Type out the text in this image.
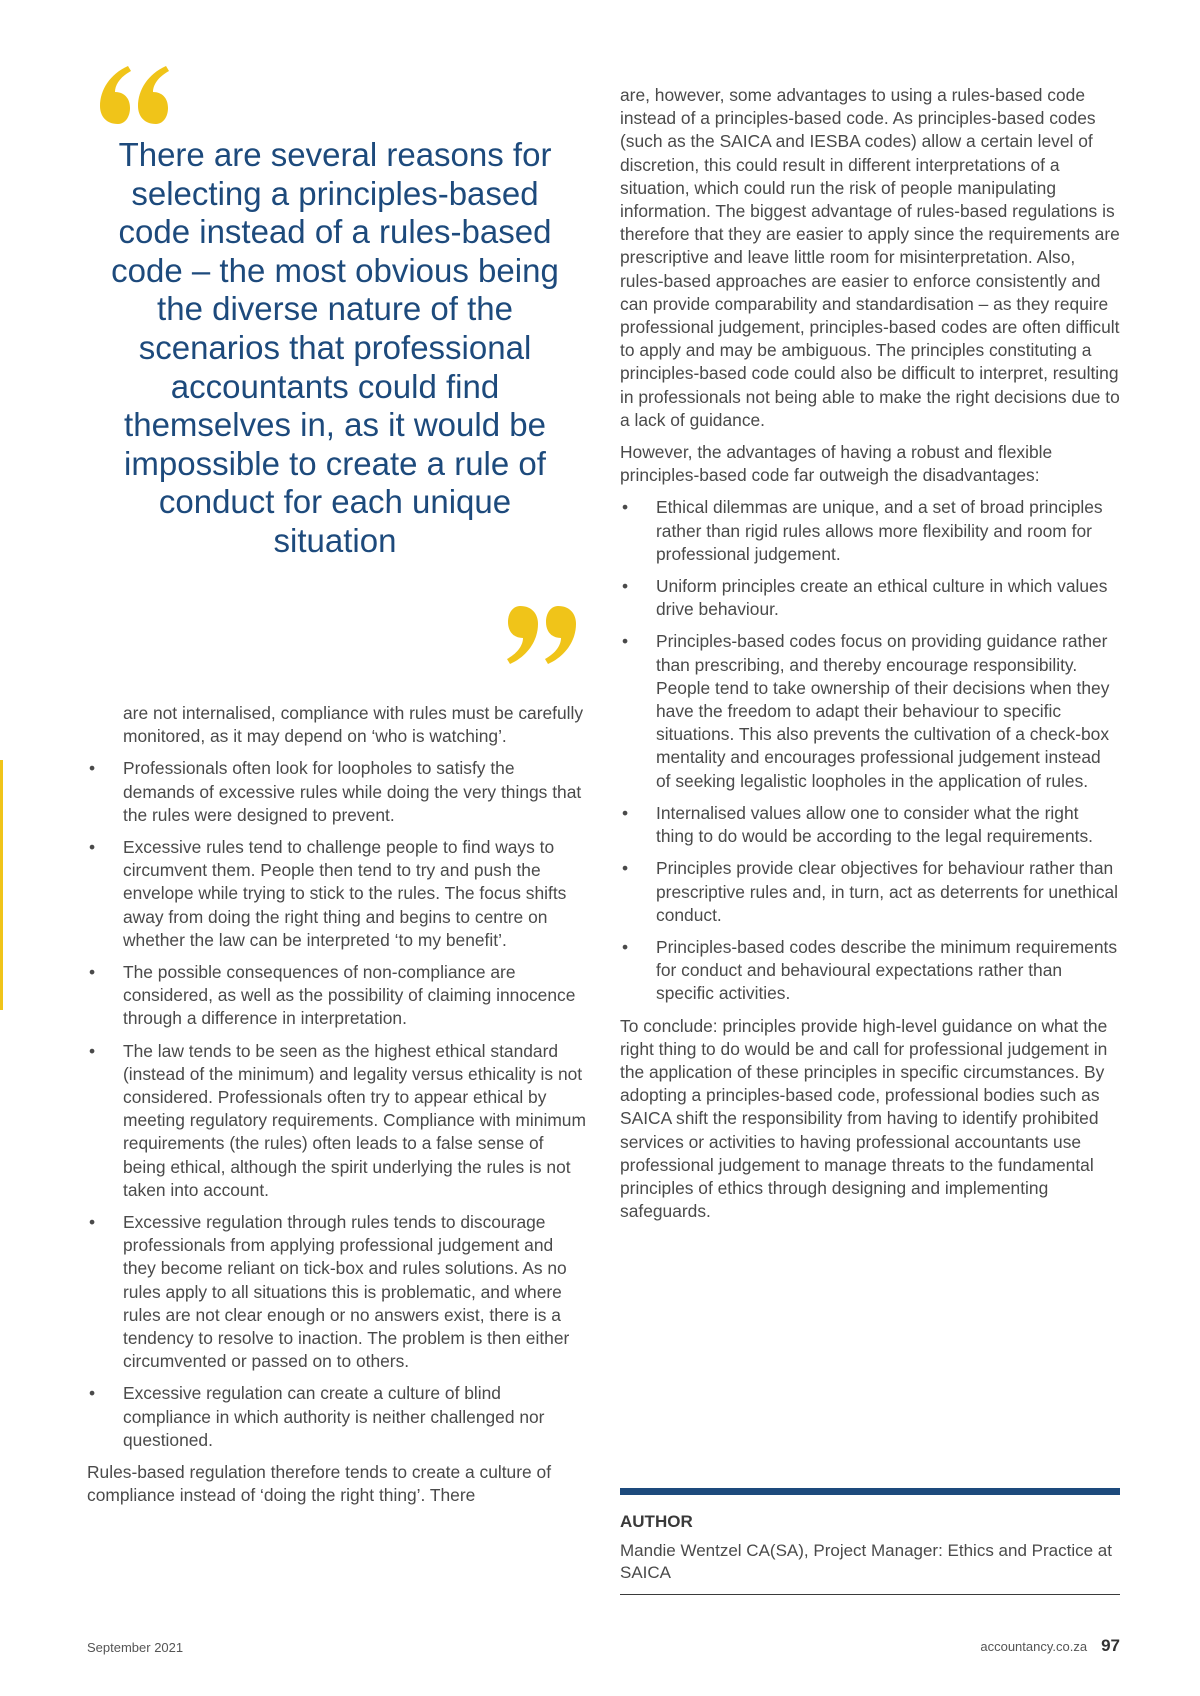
There are several reasons for selecting a principles-based code instead of a rules-based code – the most obvious being the diverse nature of the scenarios that professional accountants could find themselves in, as it would be impossible to create a rule of conduct for each unique situation

are not internalised, compliance with rules must be carefully monitored, as it may depend on ‘who is watching’.

• Professionals often look for loopholes to satisfy the demands of excessive rules while doing the very things that the rules were designed to prevent.
• Excessive rules tend to challenge people to find ways to circumvent them. People then tend to try and push the envelope while trying to stick to the rules. The focus shifts away from doing the right thing and begins to centre on whether the law can be interpreted ‘to my benefit’.
• The possible consequences of non-compliance are considered, as well as the possibility of claiming innocence through a difference in interpretation.
• The law tends to be seen as the highest ethical standard (instead of the minimum) and legality versus ethicality is not considered. Professionals often try to appear ethical by meeting regulatory requirements. Compliance with minimum requirements (the rules) often leads to a false sense of being ethical, although the spirit underlying the rules is not taken into account.
• Excessive regulation through rules tends to discourage professionals from applying professional judgement and they become reliant on tick-box and rules solutions. As no rules apply to all situations this is problematic, and where rules are not clear enough or no answers exist, there is a tendency to resolve to inaction. The problem is then either circumvented or passed on to others.
• Excessive regulation can create a culture of blind compliance in which authority is neither challenged nor questioned.

Rules-based regulation therefore tends to create a culture of compliance instead of ‘doing the right thing’. There

are, however, some advantages to using a rules-based code instead of a principles-based code. As principles-based codes (such as the SAICA and IESBA codes) allow a certain level of discretion, this could result in different interpretations of a situation, which could run the risk of people manipulating information. The biggest advantage of rules-based regulations is therefore that they are easier to apply since the requirements are prescriptive and leave little room for misinterpretation. Also, rules-based approaches are easier to enforce consistently and can provide comparability and standardisation – as they require professional judgement, principles-based codes are often difficult to apply and may be ambiguous. The principles constituting a principles-based code could also be difficult to interpret, resulting in professionals not being able to make the right decisions due to a lack of guidance.

However, the advantages of having a robust and flexible principles-based code far outweigh the disadvantages:

• Ethical dilemmas are unique, and a set of broad principles rather than rigid rules allows more flexibility and room for professional judgement.
• Uniform principles create an ethical culture in which values drive behaviour.
• Principles-based codes focus on providing guidance rather than prescribing, and thereby encourage responsibility. People tend to take ownership of their decisions when they have the freedom to adapt their behaviour to specific situations. This also prevents the cultivation of a check-box mentality and encourages professional judgement instead of seeking legalistic loopholes in the application of rules.
• Internalised values allow one to consider what the right thing to do would be according to the legal requirements.
• Principles provide clear objectives for behaviour rather than prescriptive rules and, in turn, act as deterrents for unethical conduct.
• Principles-based codes describe the minimum requirements for conduct and behavioural expectations rather than specific activities.

To conclude: principles provide high-level guidance on what the right thing to do would be and call for professional judgement in the application of these principles in specific circumstances. By adopting a principles-based code, professional bodies such as SAICA shift the responsibility from having to identify prohibited services or activities to having professional accountants use professional judgement to manage threats to the fundamental principles of ethics through designing and implementing safeguards.

AUTHOR

Mandie Wentzel CA(SA), Project Manager: Ethics and Practice at SAICA

September 2021	accountancy.co.za 97
